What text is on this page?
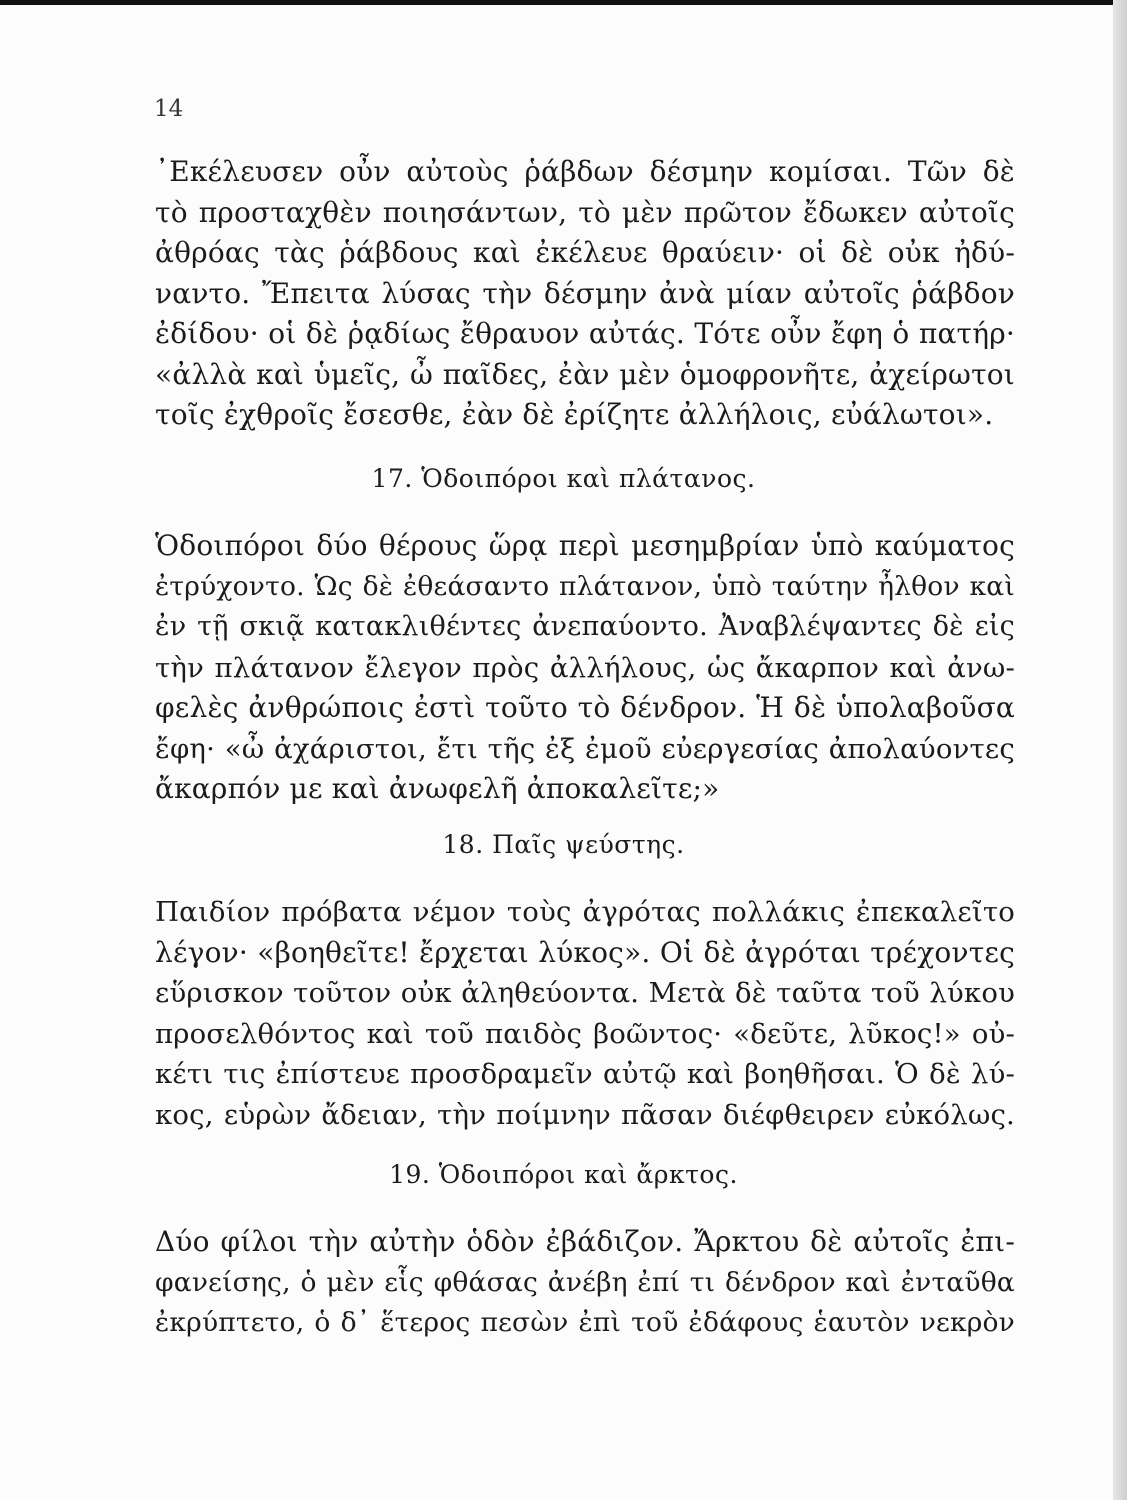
14
᾿Εκέλευσεν οὖν αὐτοὺς ῥάβδων δέσμην κομίσαι. Τῶν δὲ
τὸ προσταχθὲν ποιησάντων, τὸ μὲν πρῶτον ἔδωκεν αὐτοῖς
ἀθρόας τὰς ῥάβδους καὶ ἐκέλευε θραύειν· οἱ δὲ οὐκ ἠδύ-
ναντο. Ἔπειτα λύσας τὴν δέσμην ἀνὰ μίαν αὐτοῖς ῥάβδον
ἐδίδου· οἱ δὲ ῥᾳδίως ἔθραυον αὐτάς. Τότε οὖν ἔφη ὁ πατήρ·
«ἀλλὰ καὶ ὑμεῖς, ὦ παῖδες, ἐὰν μὲν ὁμοφρονῆτε, ἀχείρωτοι
τοῖς ἐχθροῖς ἔσεσθε, ἐὰν δὲ ἐρίζητε ἀλλήλοις, εὐάλωτοι».
17. Ὁδοιπόροι καὶ πλάτανος.
Ὁδοιπόροι δύο θέρους ὥρᾳ περὶ μεσημβρίαν ὑπὸ καύματος
ἐτρύχοντο. Ὡς δὲ ἐθεάσαντο πλάτανον, ὑπὸ ταύτην ἦλθον καὶ
ἐν τῇ σκιᾷ κατακλιθέντες ἀνεπαύοντο. Ἀναβλέψαντες δὲ εἰς
τὴν πλάτανον ἔλεγον πρὸς ἀλλήλους, ὡς ἄκαρπον καὶ ἀνω-
φελὲς ἀνθρώποις ἐστὶ τοῦτο τὸ δένδρον. Ἡ δὲ ὑπολαβοῦσα
ἔφη· «ὦ ἀχάριστοι, ἔτι τῆς ἐξ ἐμοῦ εὐεργεσίας ἀπολαύοντες
ἄκαρπόν με καὶ ἀνωφελῆ ἀποκαλεῖτε;»
18. Παῖς ψεύστης.
Παιδίον πρόβατα νέμον τοὺς ἀγρότας πολλάκις ἐπεκαλεῖτο
λέγον· «βοηθεῖτε! ἔρχεται λύκος». Οἱ δὲ ἀγρόται τρέχοντες
εὕρισκον τοῦτον οὐκ ἀληθεύοντα. Μετὰ δὲ ταῦτα τοῦ λύκου
προσελθόντος καὶ τοῦ παιδὸς βοῶντος· «δεῦτε, λῦκος!» οὐ-
κέτι τις ἐπίστευε προσδραμεῖν αὐτῷ καὶ βοηθῆσαι. Ὁ δὲ λύ-
κος, εὑρὼν ἄδειαν, τὴν ποίμνην πᾶσαν διέφθειρεν εὐκόλως.
19. Ὁδοιπόροι καὶ ἄρκτος.
Δύο φίλοι τὴν αὐτὴν ὁδὸν ἐβάδιζον. Ἄρκτου δὲ αὐτοῖς ἐπι-
φανείσης, ὁ μὲν εἷς φθάσας ἀνέβη ἐπί τι δένδρον καὶ ἐνταῦθα
ἐκρύπτετο, ὁ δ᾿ ἕτερος πεσὼν ἐπὶ τοῦ ἐδάφους ἑαυτὸν νεκρὸν
